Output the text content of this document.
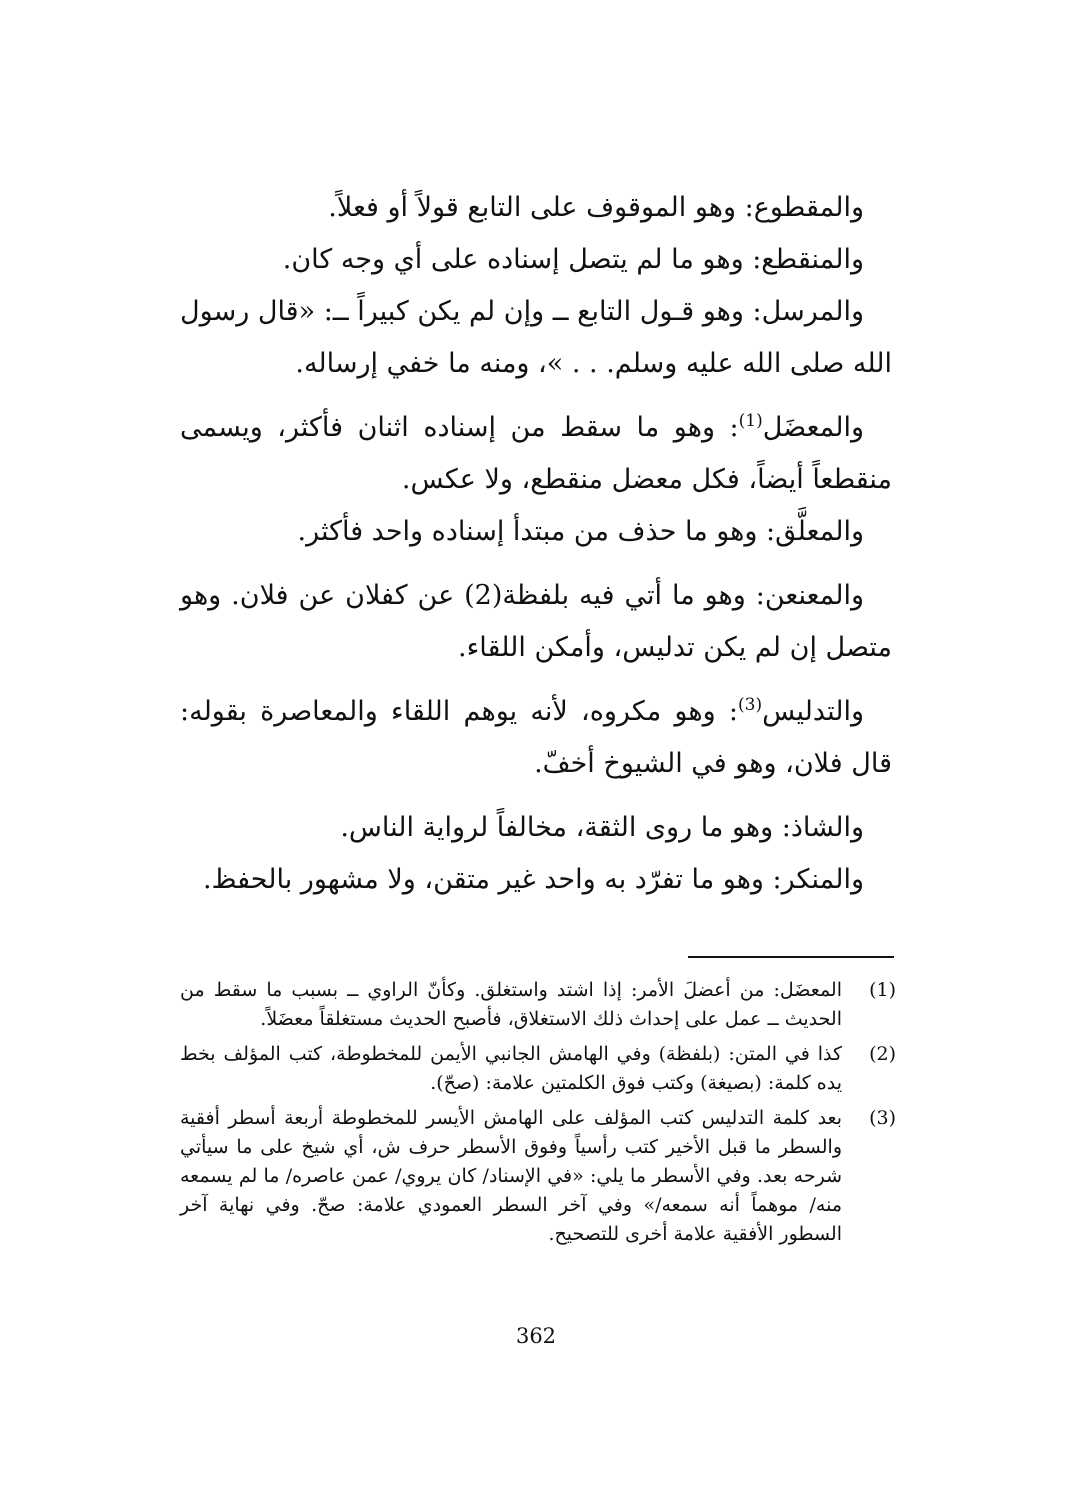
والمقطوع: وهو الموقوف على التابع قولاً أو فعلاً.

والمنقطع: وهو ما لم يتصل إسناده على أي وجه كان.

والمرسل: وهو قـول التابع ــ وإن لم يكن كبيراً ــ: «قال رسول الله صلى الله عليه وسلم. . . »، ومنه ما خفي إرساله.

والمعضَل$^{(1)}$: وهو ما سقط من إسناده اثنان فأكثر، ويسمى منقطعاً أيضاً، فكل معضل منقطع، ولا عكس.

والمعلَّق: وهو ما حذف من مبتدأ إسناده واحد فأكثر.

والمعنعن: وهو ما أتي فيه بلفظة(2) عن كفلان عن فلان. وهو متصل إن لم يكن تدليس، وأمكن اللقاء.

والتدليس$^{(3)}$: وهو مكروه، لأنه يوهم اللقاء والمعاصرة بقوله: قال فلان، وهو في الشيوخ أخفّ.

والشاذ: وهو ما روى الثقة، مخالفاً لرواية الناس.

والمنكر: وهو ما تفرّد به واحد غير متقن، ولا مشهور بالحفظ.

(1)
المعضَل: من أعضلَ الأمر: إذا اشتد واستغلق. وكأنّ الراوي ــ بسبب ما سقط من الحديث ــ عمل على إحداث ذلك الاستغلاق، فأصبح الحديث مستغلقاً معضَلاً.
(2)
كذا في المتن: (بلفظة) وفي الهامش الجانبي الأيمن للمخطوطة، كتب المؤلف بخط يده كلمة: (بصيغة) وكتب فوق الكلمتين علامة: (صحّ).
(3)
بعد كلمة التدليس كتب المؤلف على الهامش الأيسر للمخطوطة أربعة أسطر أفقية والسطر ما قبل الأخير كتب رأسياً وفوق الأسطر حرف ش، أي شيخ على ما سيأتي شرحه بعد. وفي الأسطر ما يلي: «في الإسناد/ كان يروي/ عمن عاصره/ ما لم يسمعه منه/ موهماً أنه سمعه/» وفي آخر السطر العمودي علامة: صحّ. وفي نهاية آخر السطور الأفقية علامة أخرى للتصحيح.
362
